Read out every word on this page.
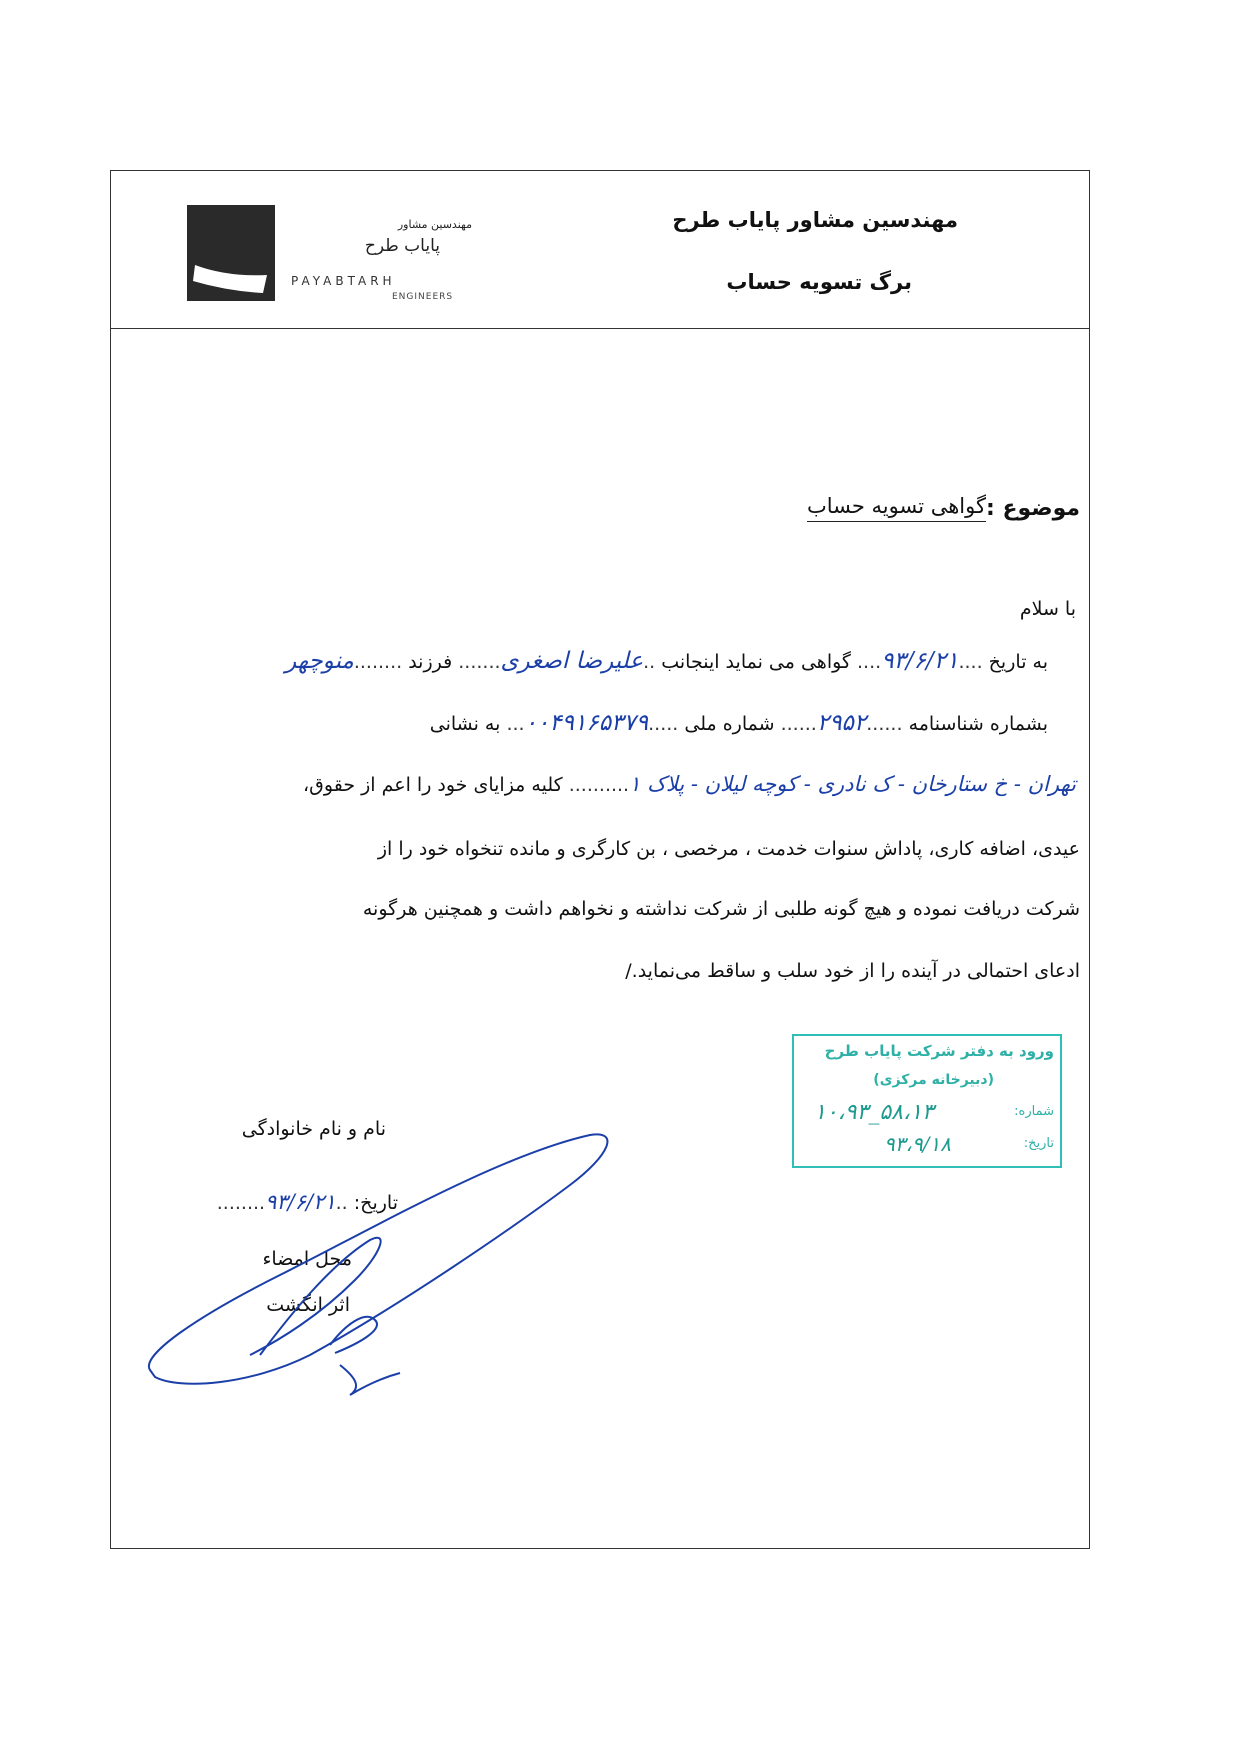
مهندسین مشاور پایاب طرح
برگ تسویه حساب
مهندسین مشاور
پایاب طرح
PAYABTARH
ENGINEERS
موضوع :
گواهی تسویه حساب
با سلام
به تاریخ ....۹۳/۶/۲۱.... گواهی می نماید اینجانب ..علیرضا اصغری....... فرزند ........منوچهر
بشماره شناسنامه ......۲۹۵۲...... شماره ملی .....۰۰۴۹۱۶۵۳۷۹... به نشانی
تهران - خ ستارخان - ک نادری - کوچه لیلان - پلاک ۱.......... کلیه مزایای خود را اعم از حقوق،
عیدی، اضافه کاری، پاداش سنوات خدمت ، مرخصی ، بن کارگری و مانده تنخواه خود را از
شرکت دریافت نموده و هیچ گونه طلبی از شرکت نداشته و نخواهم داشت و همچنین هرگونه
ادعای احتمالی در آینده را از خود سلب و ساقط می‌نماید./
ورود به دفتر شرکت پایاب طرح
(دبیرخانه مرکزی)
شماره:
۱۰،۹۳_۵۸،۱۳
تاریخ:
۹۳،۹/۱۸
نام و نام خانوادگی
تاریخ: ..۹۳/۶/۲۱........
محل امضاء
اثر انگشت
